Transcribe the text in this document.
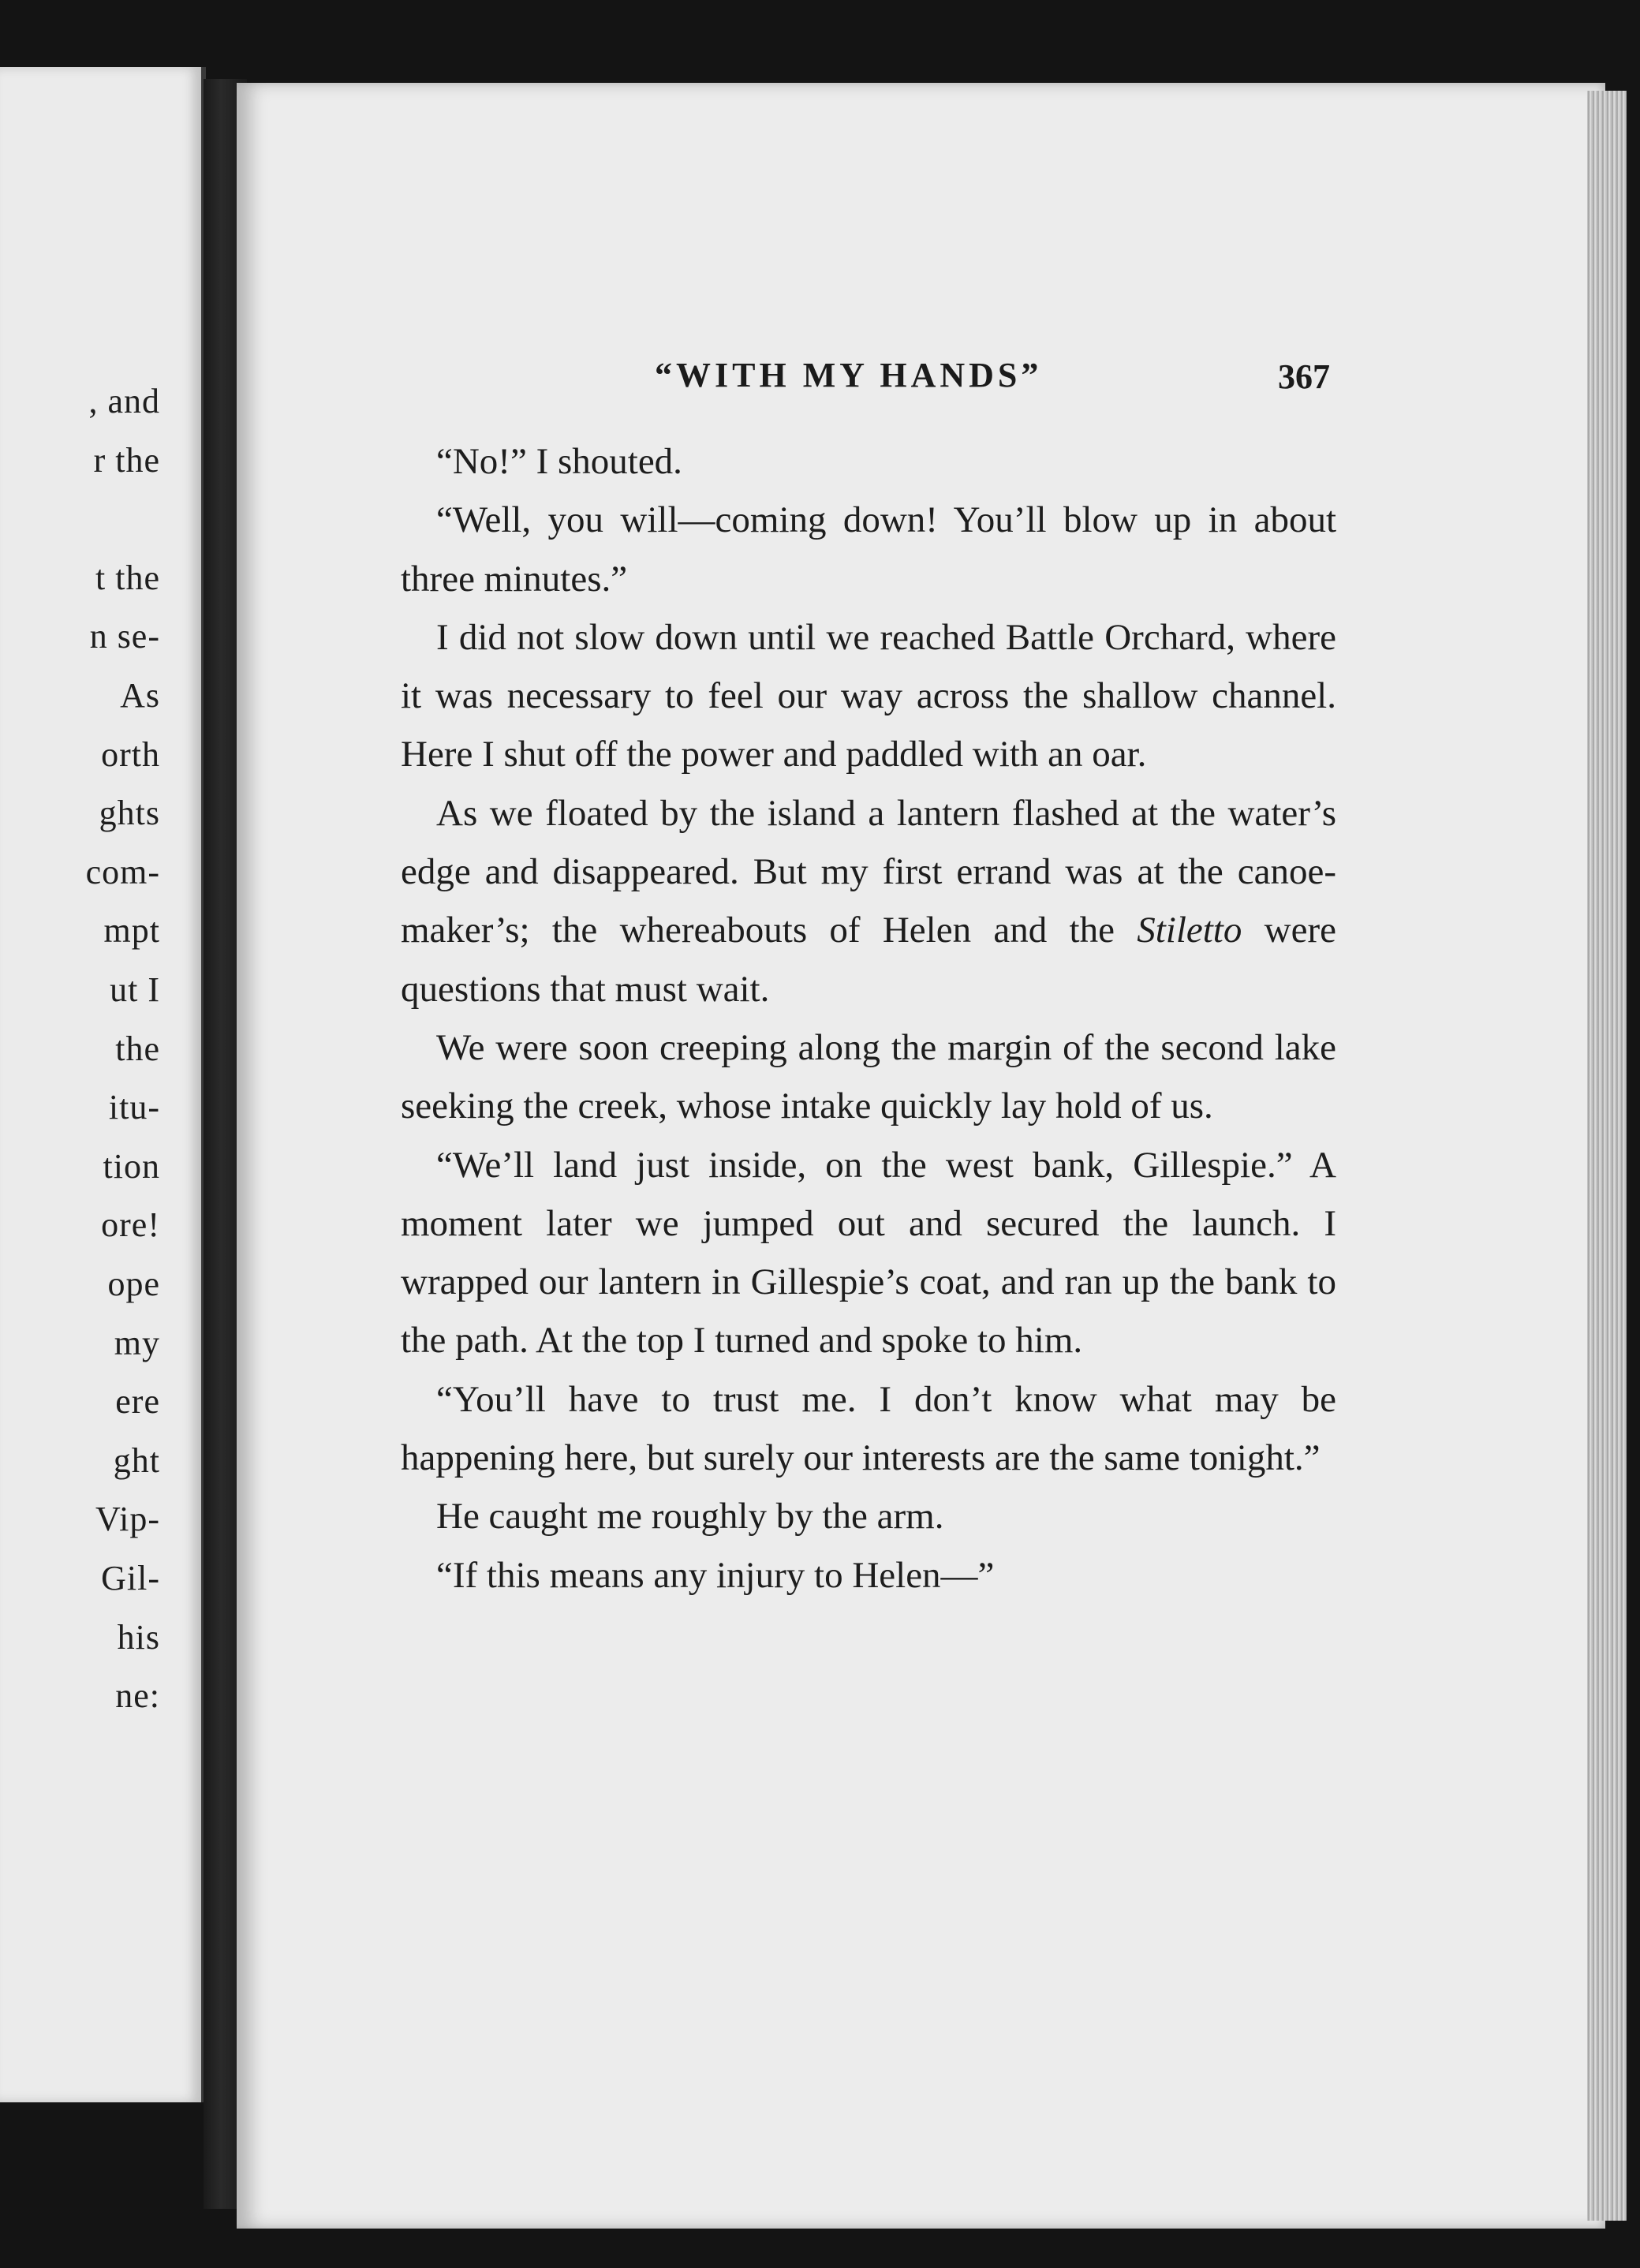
, and
r the
t the
n se-
As
orth
ghts
com-
mpt
ut I
the
itu-
tion
ore!
ope
my
ere
ght
Vip-
Gil-
his
ne:
“WITH MY HANDS”	367

“No!” I shouted.

“Well, you will—coming down! You’ll blow up in about three minutes.”

I did not slow down until we reached Battle Orchard, where it was necessary to feel our way across the shallow channel. Here I shut off the power and paddled with an oar.

As we floated by the island a lantern flashed at the water’s edge and disappeared. But my first errand was at the canoe-maker’s; the whereabouts of Helen and the Stiletto were questions that must wait.

We were soon creeping along the margin of the second lake seeking the creek, whose intake quickly lay hold of us.

“We’ll land just inside, on the west bank, Gillespie.” A moment later we jumped out and secured the launch. I wrapped our lantern in Gillespie’s coat, and ran up the bank to the path. At the top I turned and spoke to him.

“You’ll have to trust me. I don’t know what may be happening here, but surely our interests are the same tonight.”

He caught me roughly by the arm.

“If this means any injury to Helen—”
